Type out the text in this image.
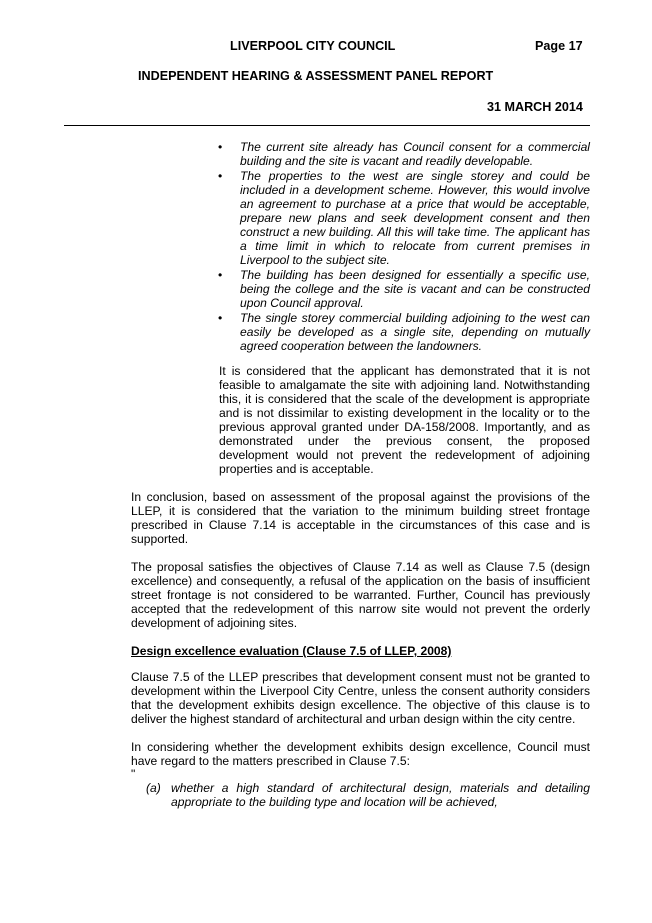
LIVERPOOL CITY COUNCIL	Page 17
INDEPENDENT HEARING & ASSESSMENT PANEL REPORT
31 MARCH 2014
• The current site already has Council consent for a commercial building and the site is vacant and readily developable.
• The properties to the west are single storey and could be included in a development scheme. However, this would involve an agreement to purchase at a price that would be acceptable, prepare new plans and seek development consent and then construct a new building. All this will take time. The applicant has a time limit in which to relocate from current premises in Liverpool to the subject site.
• The building has been designed for essentially a specific use, being the college and the site is vacant and can be constructed upon Council approval.
• The single storey commercial building adjoining to the west can easily be developed as a single site, depending on mutually agreed cooperation between the landowners.
It is considered that the applicant has demonstrated that it is not feasible to amalgamate the site with adjoining land. Notwithstanding this, it is considered that the scale of the development is appropriate and is not dissimilar to existing development in the locality or to the previous approval granted under DA-158/2008. Importantly, and as demonstrated under the previous consent, the proposed development would not prevent the redevelopment of adjoining properties and is acceptable.
In conclusion, based on assessment of the proposal against the provisions of the LLEP, it is considered that the variation to the minimum building street frontage prescribed in Clause 7.14 is acceptable in the circumstances of this case and is supported.
The proposal satisfies the objectives of Clause 7.14 as well as Clause 7.5 (design excellence) and consequently, a refusal of the application on the basis of insufficient street frontage is not considered to be warranted. Further, Council has previously accepted that the redevelopment of this narrow site would not prevent the orderly development of adjoining sites.
Design excellence evaluation (Clause 7.5 of LLEP, 2008)
Clause 7.5 of the LLEP prescribes that development consent must not be granted to development within the Liverpool City Centre, unless the consent authority considers that the development exhibits design excellence. The objective of this clause is to deliver the highest standard of architectural and urban design within the city centre.
In considering whether the development exhibits design excellence, Council must have regard to the matters prescribed in Clause 7.5:
"
(a) whether a high standard of architectural design, materials and detailing appropriate to the building type and location will be achieved,
